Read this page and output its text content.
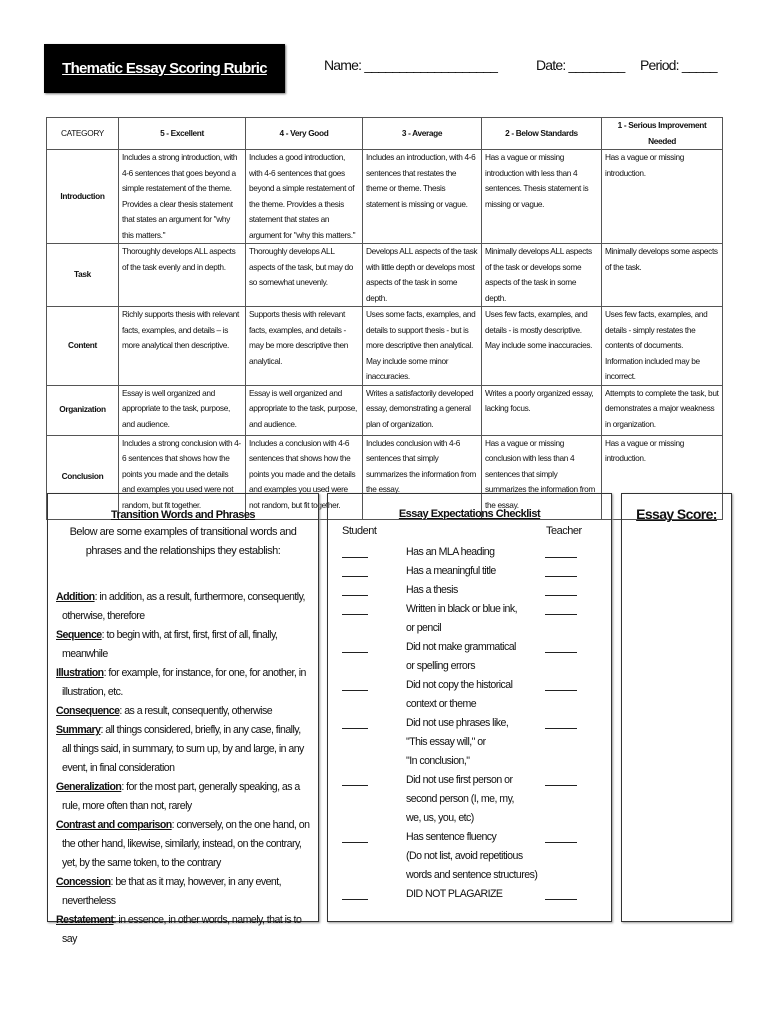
Thematic Essay Scoring Rubric	Name: ___________________	Date: ________ Period: _____
CATEGORY	5 - Excellent	4 - Very Good	3 - Average	2 - Below Standards	1 - Serious Improvement Needed
Introduction	Includes a strong introduction, with 4-6 sentences that goes beyond a simple restatement of the theme. Provides a clear thesis statement that states an argument for "why this matters."	Includes a good introduction, with 4-6 sentences that goes beyond a simple restatement of the theme. Provides a thesis statement that states an argument for "why this matters."	Includes an introduction, with 4-6 sentences that restates the theme or theme. Thesis statement is missing or vague.	Has a vague or missing introduction with less than 4 sentences. Thesis statement is missing or vague.	Has a vague or missing introduction.
Task	Thoroughly develops ALL aspects of the task evenly and in depth.	Thoroughly develops ALL aspects of the task, but may do so somewhat unevenly.	Develops ALL aspects of the task with little depth or develops most aspects of the task in some depth.	Minimally develops ALL aspects of the task or develops some aspects of the task in some depth.	Minimally develops some aspects of the task.
Content	Richly supports thesis with relevant facts, examples, and details – is more analytical then descriptive.	Supports thesis with relevant facts, examples, and details - may be more descriptive then analytical.	Uses some facts, examples, and details to support thesis - but is more descriptive then analytical. May include some minor inaccuracies.	Uses few facts, examples, and details - is mostly descriptive. May include some inaccuracies.	Uses few facts, examples, and details - simply restates the contents of documents. Information included may be incorrect.
Organization	Essay is well organized and appropriate to the task, purpose, and audience.	Essay is well organized and appropriate to the task, purpose, and audience.	Writes a satisfactorily developed essay, demonstrating a general plan of organization.	Writes a poorly organized essay, lacking focus.	Attempts to complete the task, but demonstrates a major weakness in organization.
Conclusion	Includes a strong conclusion with 4-6 sentences that shows how the points you made and the details and examples you used were not random, but fit together.	Includes a conclusion with 4-6 sentences that shows how the points you made and the details and examples you used were not random, but fit together.	Includes conclusion with 4-6 sentences that simply summarizes the information from the essay.	Has a vague or missing conclusion with less than 4 sentences that simply summarizes the information from the essay.	Has a vague or missing introduction.
Transition Words and Phrases
Below are some examples of transitional words and phrases and the relationships they establish:
Addition: in addition, as a result, furthermore, consequently, otherwise, therefore
Sequence: to begin with, at first, first, first of all, finally, meanwhile
Illustration: for example, for instance, for one, for another, in illustration, etc.
Consequence: as a result, consequently, otherwise
Summary: all things considered, briefly, in any case, finally, all things said, in summary, to sum up, by and large, in any event, in final consideration
Generalization: for the most part, generally speaking, as a rule, more often than not, rarely
Contrast and comparison: conversely, on the one hand, on the other hand, likewise, similarly, instead, on the contrary, yet, by the same token, to the contrary
Concession: be that as it may, however, in any event, nevertheless
Restatement: in essence, in other words, namely, that is to say
Essay Expectations Checklist
Student	Teacher
Has an MLA heading
Has a meaningful title
Has a thesis
Written in black or blue ink,
or pencil
Did not make grammatical
or spelling errors
Did not copy the historical
context or theme
Did not use phrases like,
"This essay will," or
"In conclusion,"
Did not use first person or
second person (I, me, my,
we, us, you, etc)
Has sentence fluency
(Do not list, avoid repetitious
words and sentence structures)
DID NOT PLAGARIZE
Essay Score:
